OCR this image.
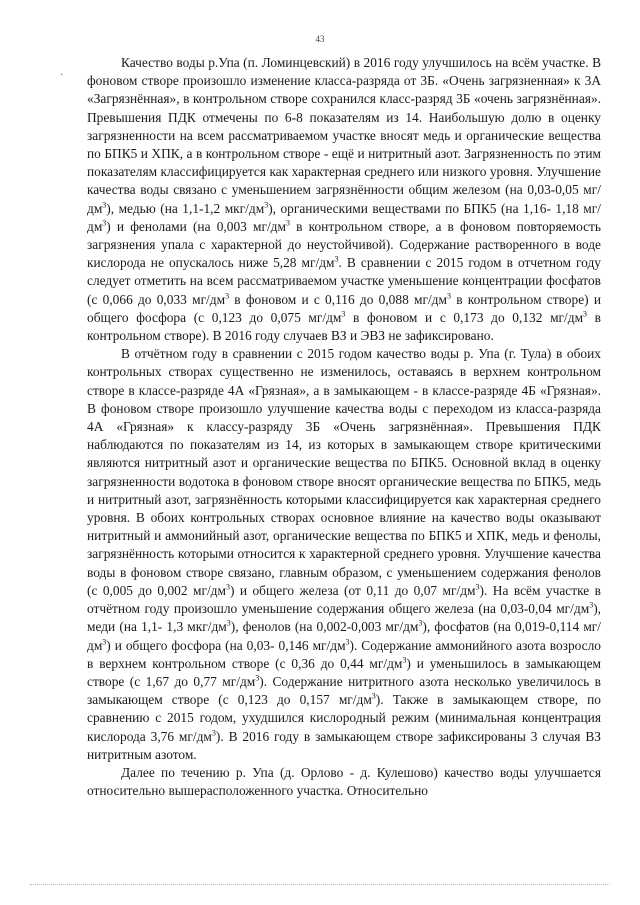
43
·

Качество воды р.Упа (п. Ломинцевский) в 2016 году улучшилось на всём участке. В фоновом створе произошло изменение класса-разряда от 3Б. «Очень загрязненная» к 3А «Загрязнённая», в контрольном створе сохранился класс-разряд 3Б «очень загрязнённая». Превышения ПДК отмечены по 6-8 показателям из 14. Наибольшую долю в оценку загрязненности на всем рассматриваемом участке вносят медь и органические вещества по БПК5 и ХПК, а в контрольном створе - ещё и нитритный азот. Загрязненность по этим показателям классифицируется как характерная среднего или низкого уровня. Улучшение качества воды связано с уменьшением загрязнённости общим железом (на 0,03-0,05 $мг/дм^3$), медью (на 1,1-1,2 мкг/$дм^3$), органическими веществами по БПК5 (на 1,16- 1,18 $мг/дм^3$) и фенолами (на 0,003 $мг/дм^3$ в контрольном створе, а в фоновом повторяемость загрязнения упала с характерной до неустойчивой). Содержание растворенного в воде кислорода не опускалось ниже 5,28 $мг/дм^3$. В сравнении с 2015 годом в отчетном году следует отметить на всем рассматриваемом участке уменьшение концентрации фосфатов (с 0,066 до 0,033 $мг/дм^3$ в фоновом и с 0,116 до 0,088 $мг/дм^3$ в контрольном створе) и общего фосфора (с 0,123 до 0,075 $мг/дм^3$ в фоновом и с 0,173 до 0,132 $мг/дм^3$ в контрольном створе). В 2016 году случаев ВЗ и ЭВЗ не зафиксировано.

В отчётном году в сравнении с 2015 годом качество воды р. Упа (г. Тула) в обоих контрольных створах существенно не изменилось, оставаясь в верхнем контрольном створе в классе-разряде 4А «Грязная», а в замыкающем - в классе-разряде 4Б «Грязная». В фоновом створе произошло улучшение качества воды с переходом из класса-разряда 4А «Грязная» к классу-разряду 3Б «Очень загрязнённая». Превышения ПДК наблюдаются по показателям из 14, из которых в замыкающем створе критическими являются нитритный азот и органические вещества по БПК5. Основной вклад в оценку загрязненности водотока в фоновом створе вносят органические вещества по БПК5, медь и нитритный азот, загрязнённость которыми классифицируется как характерная среднего уровня. В обоих контрольных створах основное влияние на качество воды оказывают нитритный и аммонийный азот, органические вещества по БПК5 и ХПК, медь и фенолы, загрязнённость которыми относится к характерной среднего уровня. Улучшение качества воды в фоновом створе связано, главным образом, с уменьшением содержания фенолов (с 0,005 до 0,002 $мг/дм^3$) и общего железа (от 0,11 до 0,07 $мг/дм^3$). На всём участке в отчётном году произошло уменьшение содержания общего железа (на 0,03-0,04 $мг/дм^3$), меди (на 1,1- 1,3 мкг/$дм^3$), фенолов (на 0,002-0,003 $мг/дм^3$), фосфатов (на 0,019-0,114 $мг/дм^3$) и общего фосфора (на 0,03- 0,146 $мг/дм^3$). Содержание аммонийного азота возросло в верхнем контрольном створе (с 0,36 до 0,44 $мг/дм^3$) и уменьшилось в замыкающем створе (с 1,67 до 0,77 $мг/дм^3$). Содержание нитритного азота несколько увеличилось в замыкающем створе (с 0,123 до 0,157 $мг/дм^3$). Также в замыкающем створе, по сравнению с 2015 годом, ухудшился кислородный режим (минимальная концентрация кислорода 3,76 $мг/дм^3$). В 2016 году в замыкающем створе зафиксированы 3 случая ВЗ нитритным азотом.

Далее по течению р. Упа (д. Орлово - д. Кулешово) качество воды улучшается относительно вышерасположенного участка. Относительно
